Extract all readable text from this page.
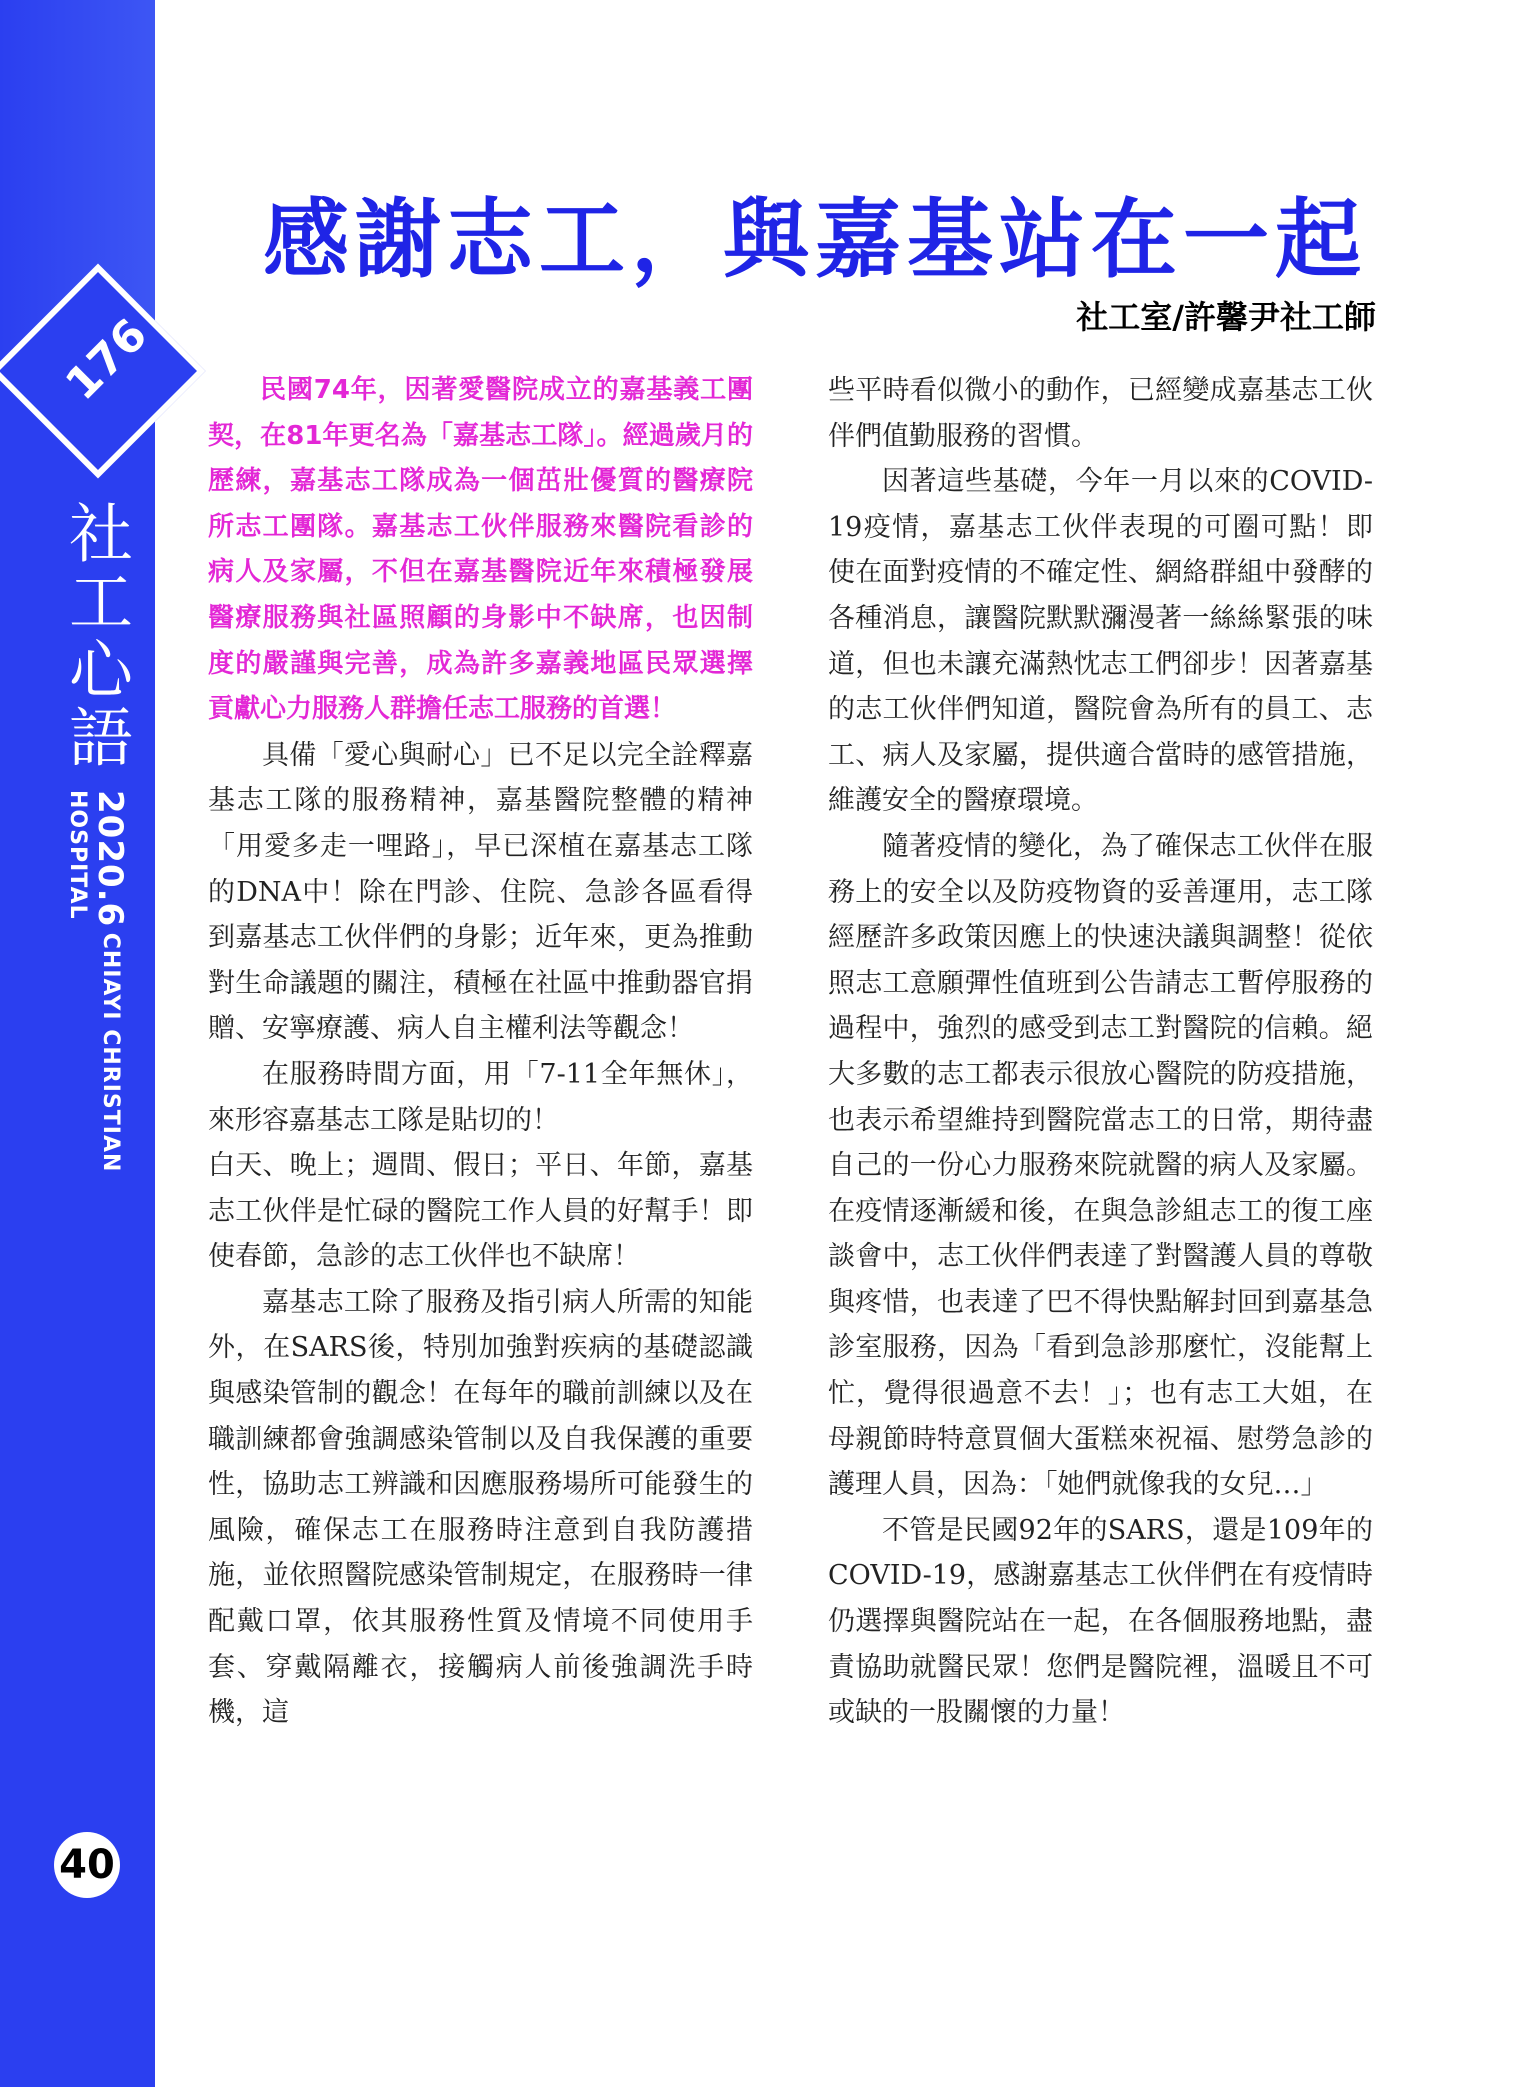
176
社工心語
2020.6 CHIAYI CHRISTIAN HOSPITAL
40
感謝志工，與嘉基站在一起
社工室/許馨尹社工師

民國74年，因著愛醫院成立的嘉基義工團契，在81年更名為「嘉基志工隊」。經過歲月的歷練，嘉基志工隊成為一個茁壯優質的醫療院所志工團隊。嘉基志工伙伴服務來醫院看診的病人及家屬，不但在嘉基醫院近年來積極發展醫療服務與社區照顧的身影中不缺席，也因制度的嚴謹與完善，成為許多嘉義地區民眾選擇貢獻心力服務人群擔任志工服務的首選！

具備「愛心與耐心」已不足以完全詮釋嘉基志工隊的服務精神，嘉基醫院整體的精神「用愛多走一哩路」，早已深植在嘉基志工隊的DNA中！除在門診、住院、急診各區看得到嘉基志工伙伴們的身影；近年來，更為推動對生命議題的關注，積極在社區中推動器官捐贈、安寧療護、病人自主權利法等觀念！

在服務時間方面，用「7-11全年無休」，來形容嘉基志工隊是貼切的！

白天、晚上；週間、假日；平日、年節，嘉基志工伙伴是忙碌的醫院工作人員的好幫手！即使春節，急診的志工伙伴也不缺席！

嘉基志工除了服務及指引病人所需的知能外，在SARS後，特別加強對疾病的基礎認識與感染管制的觀念！在每年的職前訓練以及在職訓練都會強調感染管制以及自我保護的重要性，協助志工辨識和因應服務場所可能發生的風險，確保志工在服務時注意到自我防護措施，並依照醫院感染管制規定，在服務時一律配戴口罩，依其服務性質及情境不同使用手套、穿戴隔離衣，接觸病人前後強調洗手時機，這

些平時看似微小的動作，已經變成嘉基志工伙伴們值勤服務的習慣。

因著這些基礎，今年一月以來的COVID-19疫情，嘉基志工伙伴表現的可圈可點！即使在面對疫情的不確定性、網絡群組中發酵的各種消息，讓醫院默默瀰漫著一絲絲緊張的味道，但也未讓充滿熱忱志工們卻步！因著嘉基的志工伙伴們知道，醫院會為所有的員工、志工、病人及家屬，提供適合當時的感管措施，維護安全的醫療環境。

隨著疫情的變化，為了確保志工伙伴在服務上的安全以及防疫物資的妥善運用，志工隊經歷許多政策因應上的快速決議與調整！從依照志工意願彈性值班到公告請志工暫停服務的過程中，強烈的感受到志工對醫院的信賴。絕大多數的志工都表示很放心醫院的防疫措施，也表示希望維持到醫院當志工的日常，期待盡自己的一份心力服務來院就醫的病人及家屬。在疫情逐漸緩和後，在與急診組志工的復工座談會中，志工伙伴們表達了對醫護人員的尊敬與疼惜，也表達了巴不得快點解封回到嘉基急診室服務，因為「看到急診那麼忙，沒能幫上忙，覺得很過意不去！」；也有志工大姐，在母親節時特意買個大蛋糕來祝福、慰勞急診的護理人員，因為：「她們就像我的女兒…」

不管是民國92年的SARS，還是109年的COVID-19，感謝嘉基志工伙伴們在有疫情時仍選擇與醫院站在一起，在各個服務地點，盡責協助就醫民眾！您們是醫院裡，溫暖且不可或缺的一股關懷的力量！
